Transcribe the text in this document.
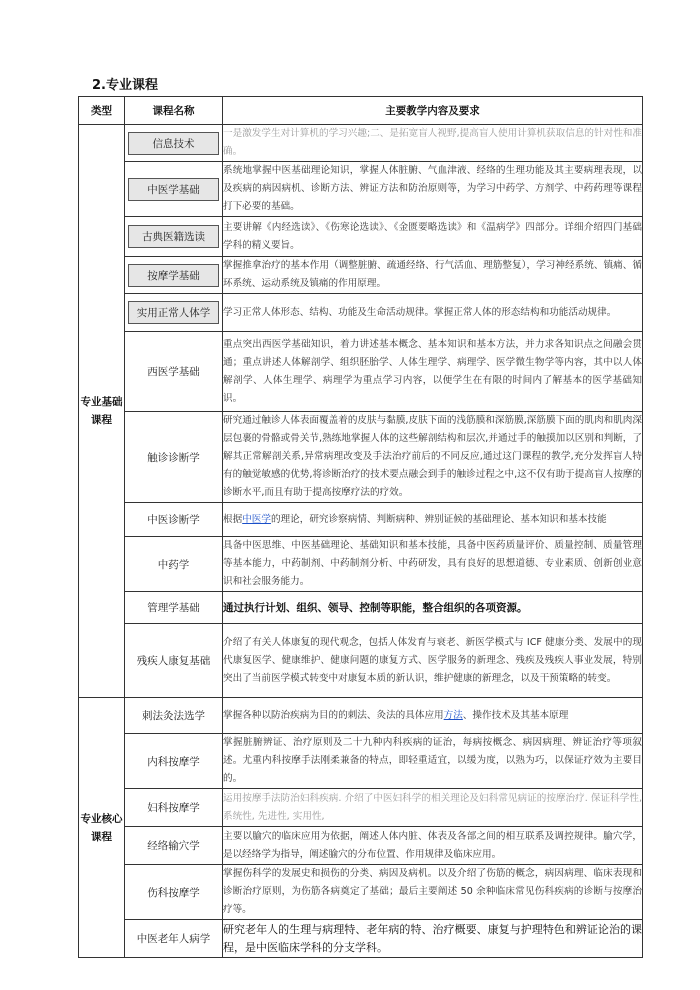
2.专业课程
类型	课程名称	主要教学内容及要求
专业基础课程	信息技术	一是激发学生对计算机的学习兴趣;二、是拓宽盲人视野,提高盲人使用计算机获取信息的针对性和准确。

	中医学基础	系统地掌握中医基础理论知识，掌握人体脏腑、气血津液、经络的生理功能及其主要病理表现，以及疾病的病因病机、诊断方法、辨证方法和防治原则等，为学习中药学、方剂学、中药药理等课程打下必要的基础。

	古典医籍选读	主要讲解《内经选读》、《伤寒论选读》、《金匮要略选读》和《温病学》四部分。详细介绍四门基础学科的精义要旨。

	按摩学基础	掌握推拿治疗的基本作用（调整脏腑、疏通经络、行气活血、理筋整复），学习神经系统、镇痛、循环系统、运动系统及镇痛的作用原理。

	实用正常人体学	学习正常人体形态、结构、功能及生命活动规律。掌握正常人体的形态结构和功能活动规律。
	西医学基础	重点突出西医学基础知识，着力讲述基本概念、基本知识和基本方法，并力求各知识点之间融会贯通；重点讲述人体解剖学、组织胚胎学、人体生理学、病理学、医学微生物学等内容，其中以人体解剖学、人体生理学、病理学为重点学习内容，以便学生在有限的时间内了解基本的医学基础知识。
	触诊诊断学	研究通过触诊人体表面覆盖着的皮肤与黏膜,皮肤下面的浅筋膜和深筋膜,深筋膜下面的肌肉和肌肉深层包裹的骨骼或骨关节,熟练地掌握人体的这些解剖结构和层次,并通过手的触摸加以区别和判断，了解其正常解剖关系,异常病理改变及手法治疗前后的不同反应,通过这门课程的教学,充分发挥盲人特有的触觉敏感的优势,将诊断治疗的技术要点融会到手的触诊过程之中,这不仅有助于提高盲人按摩的诊断水平,而且有助于提高按摩疗法的疗效。
	中医诊断学	根据中医学的理论，研究诊察病情、判断病种、辨别证候的基础理论、基本知识和基本技能
	中药学	具备中医思维、中医基础理论、基础知识和基本技能，具备中医药质量评价、质量控制、质量管理等基本能力，中药制剂、中药制剂分析、中药研发，具有良好的思想道德、专业素质、创新创业意识和社会服务能力。
	管理学基础	通过执行计划、组织、领导、控制等职能，整合组织的各项资源。
	残疾人康复基础	介绍了有关人体康复的现代观念，包括人体发育与衰老、新医学模式与 ICF 健康分类、发展中的现代康复医学、健康维护、健康问题的康复方式、医学服务的新理念、残疾及残疾人事业发展，特别突出了当前医学模式转变中对康复本质的新认识，维护健康的新理念，以及干预策略的转变。
专业核心课程	刺法灸法选学	掌握各种以防治疾病为目的的刺法、灸法的具体应用方法、操作技术及其基本原理
	内科按摩学	掌握脏腑辨证、治疗原则及二十九种内科疾病的证治，每病按概念、病因病理、辨证治疗等项叙述。尤重内科按摩手法刚柔兼备的特点，即轻重适宜，以缓为度，以熟为巧，以保证疗效为主要目的。
	妇科按摩学	运用按摩手法防治妇科疾病. 介绍了中医妇科学的相关理论及妇科常见病证的按摩治疗. 保证科学性, 系统性, 先进性, 实用性,
	经络输穴学	主要以腧穴的临床应用为依据，阐述人体内脏、体表及各部之间的相互联系及调控规律。腧穴学，是以经络学为指导，阐述腧穴的分布位置、作用规律及临床应用。
	伤科按摩学	掌握伤科学的发展史和损伤的分类、病因及病机。以及介绍了伤筋的概念，病因病理、临床表现和诊断治疗原则，为伤筋各病奠定了基础；最后主要阐述 50 余种临床常见伤科疾病的诊断与按摩治疗等。
	中医老年人病学	研究老年人的生理与病理特、老年病的特、治疗概要、康复与护理特色和辨证论治的课程，是中医临床学科的分支学科。
